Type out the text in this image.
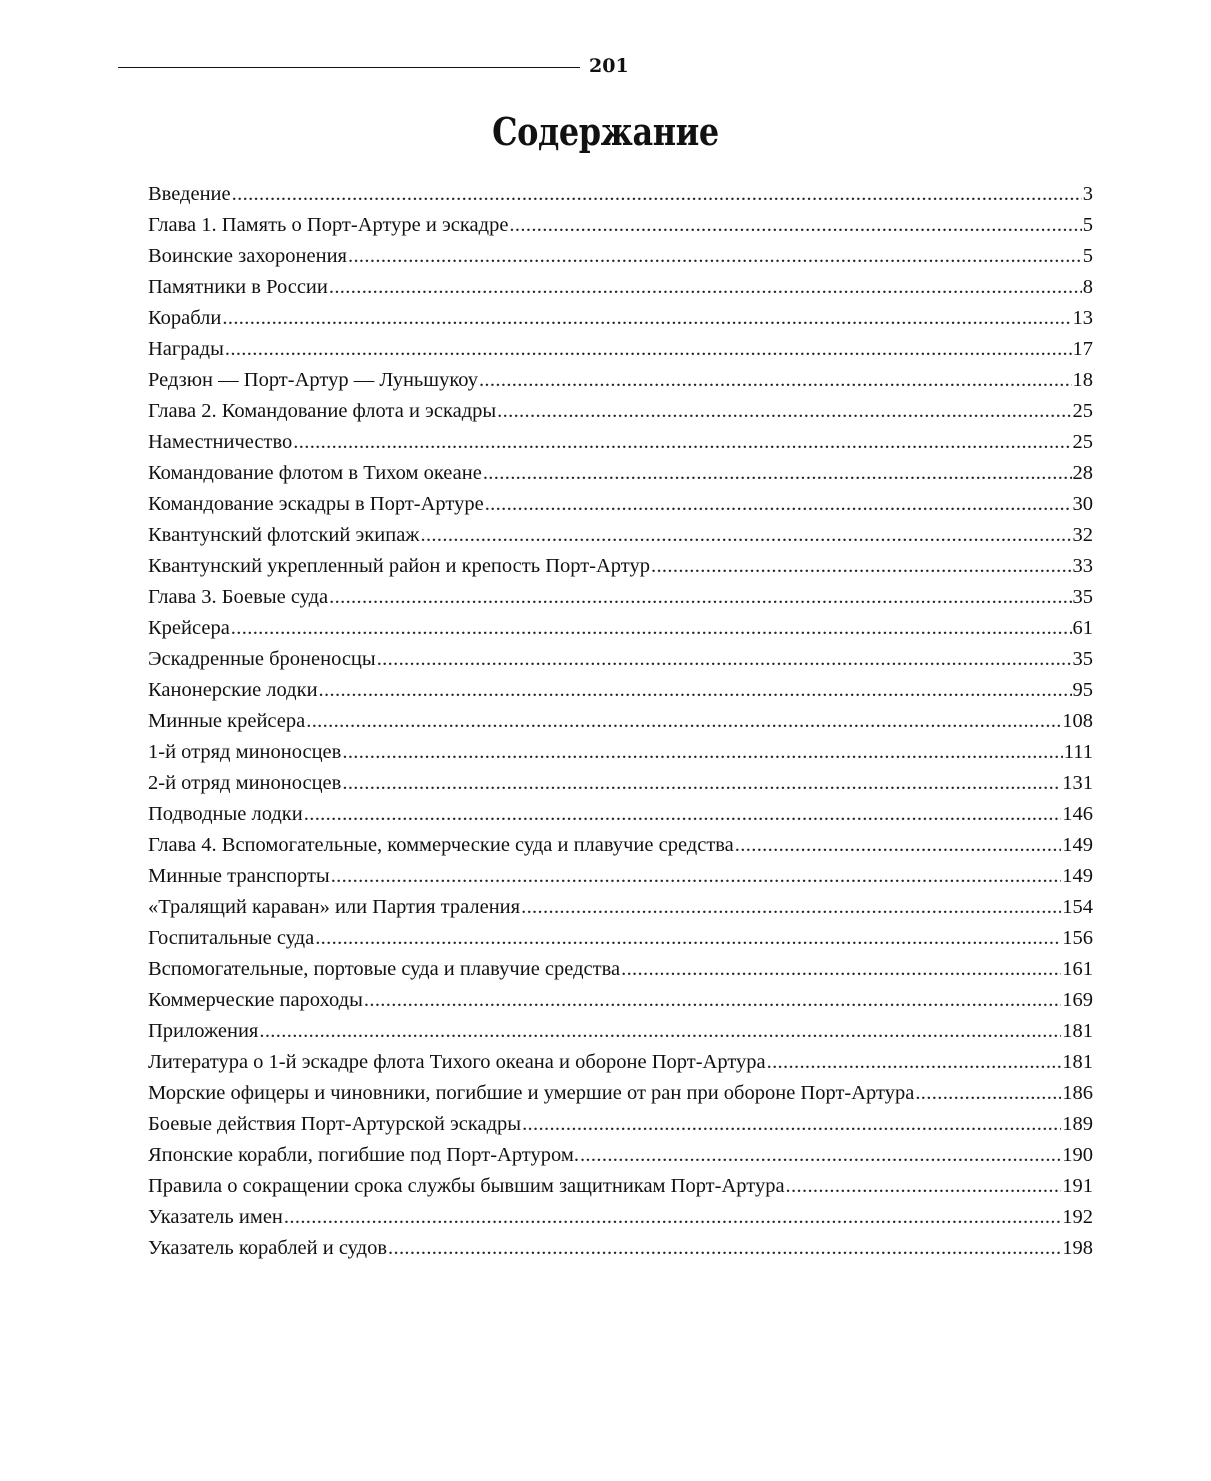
201
Содержание
Введение .....	3
Глава 1. Память о Порт-Артуре и эскадре .....	5
Воинские захоронения .....	5
Памятники в России .....	8
Корабли .....	13
Награды .....	17
Редзюн — Порт-Артур — Луньшукоу .....	18
Глава 2. Командование флота и эскадры .....	25
Наместничество .....	25
Командование флотом в Тихом океане .....	28
Командование эскадры в Порт-Артуре .....	30
Квантунский флотский экипаж .....	32
Квантунский укрепленный район и крепость Порт-Артур .....	33
Глава 3. Боевые суда .....	35
Крейсера .....	61
Эскадренные броненосцы .....	35
Канонерские лодки .....	95
Минные крейсера .....	108
1-й отряд миноносцев .....	111
2-й отряд миноносцев .....	131
Подводные лодки .....	146
Глава 4. Вспомогательные, коммерческие суда и плавучие средства .....	149
Минные транспорты .....	149
«Тралящий караван» или Партия траления .....	154
Госпитальные суда .....	156
Вспомогательные, портовые суда и плавучие средства .....	161
Коммерческие пароходы .....	169
Приложения .....	181
Литература о 1-й эскадре флота Тихого океана и обороне Порт-Артура .....	181
Морские офицеры и чиновники, погибшие и умершие от ран при обороне Порт-Артура .....	186
Боевые действия Порт-Артурской эскадры .....	189
Японские корабли, погибшие под Порт-Артуром. .....	190
Правила о сокращении срока службы бывшим защитникам Порт-Артура .....	191
Указатель имен .....	192
Указатель кораблей и судов .....	198
